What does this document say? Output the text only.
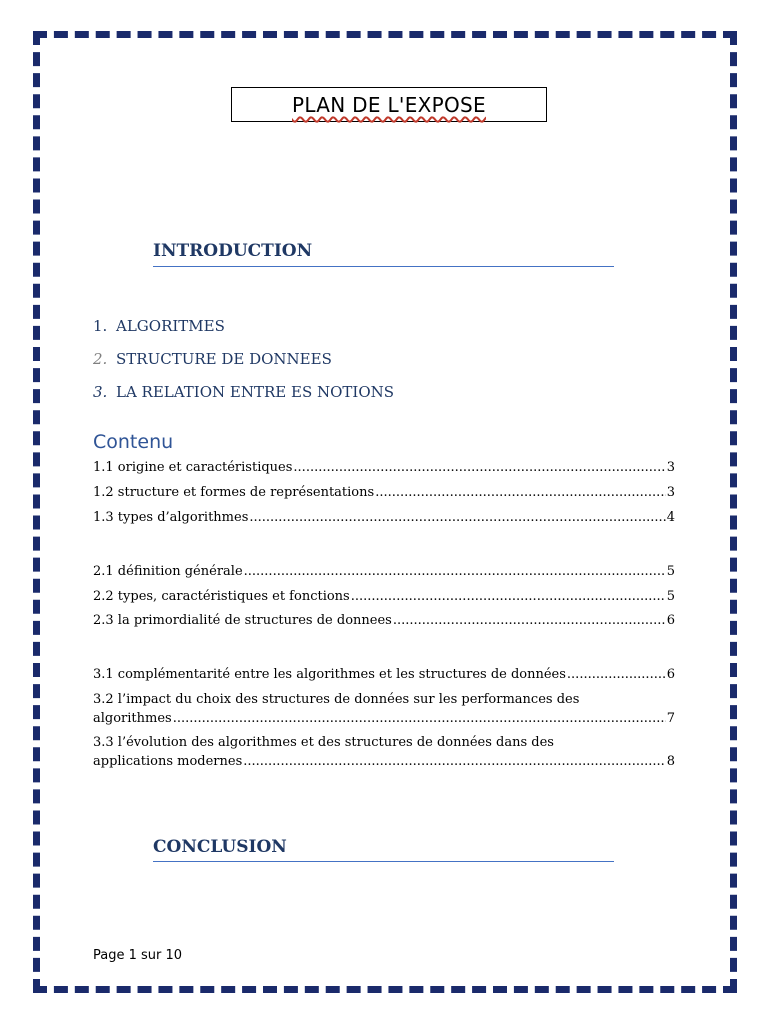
PLAN DE L'EXPOSE
INTRODUCTION
1. ALGORITMES
2. STRUCTURE DE DONNEES
3. LA RELATION ENTRE ES NOTIONS
Contenu
1.1 origine et caractéristiques .....	3
1.2 structure et formes de représentations .....	3
1.3 types d’algorithmes .....	4
2.1 définition générale .....	5
2.2 types, caractéristiques et fonctions .....	5
2.3 la primordialité de structures de donnees .....	6
3.1 complémentarité entre les algorithmes et les structures de données .....	6
3.2 l’impact du choix des structures de données sur les performances des
algorithmes .....	7
3.3 l’évolution des algorithmes et des structures de données dans des
applications modernes .....	8
CONCLUSION
Page 1 sur 10
